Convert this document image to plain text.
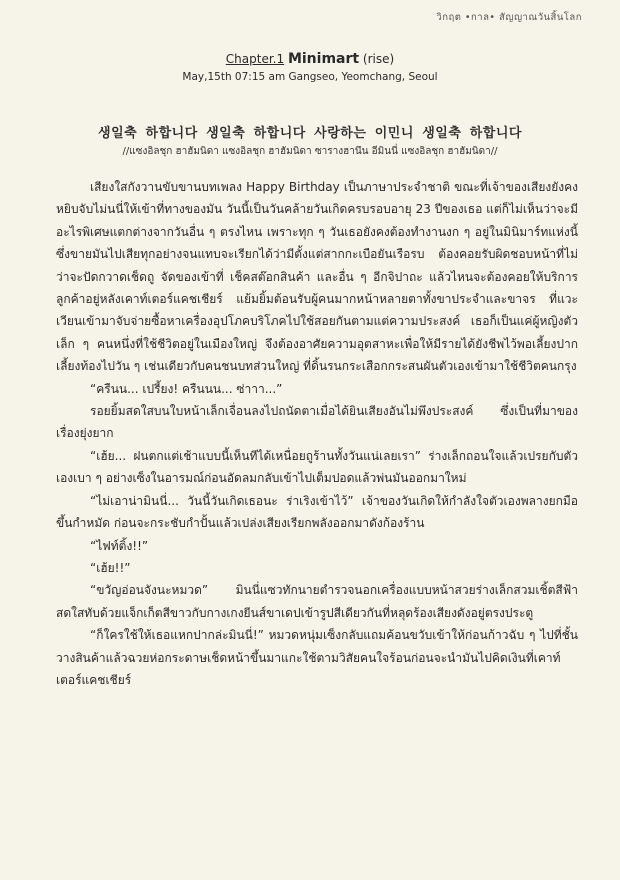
วิกฤต •กาล• สัญญาณวันสิ้นโลก
Chapter.1 Minimart (rise)
May,15th 07:15 am Gangseo, Yeomchang, Seoul
생일축 하합니다 생일축 하합니다 사랑하는 이민니 생일축 하합니다
//แซงอิลชุก ฮาฮัมนิดา แซงอิลชุก ฮาฮัมนิดา ซารางฮานึน อีมินนี่ แซงอิลชุก ฮาฮัมนิดา//

เสียงใสกังวานขับขานบทเพลง Happy Birthday เป็นภาษาประจำชาติ ขณะที่เจ้าของเสียงยังคงหยิบจับไม่นนี่ให้เข้าที่ทางของมัน วันนี้เป็นวันคล้ายวันเกิดครบรอบอายุ 23 ปีของเธอ แต่ก็ไม่เห็นว่าจะมีอะไรพิเศษแตกต่างจากวันอื่น ๆ ตรงไหน เพราะทุก ๆ วันเธอยังคงต้องทำงานงก ๆ อยู่ในมินิมาร์ทแห่งนี้ซึ่งขายมันไปเสียทุกอย่างจนแทบจะเรียกได้ว่ามีตั้งแต่สากกะเบือยันเรือรบ ต้องคอยรับผิดชอบหน้าที่ไม่ว่าจะปัดกวาดเช็ดถู จัดของเข้าที่ เช็คสต๊อกสินค้า และอื่น ๆ อีกจิปาถะ แล้วไหนจะต้องคอยให้บริการลูกค้าอยู่หลังเคาท์เตอร์แคชเชียร์ แย้มยิ้มต้อนรับผู้คนมากหน้าหลายตาทั้งขาประจำและขาจร ที่แวะเวียนเข้ามาจับจ่ายซื้อหาเครื่องอุปโภคบริโภคไปใช้สอยกันตามแต่ความประสงค์ เธอก็เป็นแค่ผู้หญิงตัวเล็ก ๆ คนหนึ่งที่ใช้ชีวิตอยู่ในเมืองใหญ่ จึงต้องอาศัยความอุตสาหะเพื่อให้มีรายได้ยังชีพไว้พอเลี้ยงปากเลี้ยงท้องไปวัน ๆ เช่นเดียวกับคนชนบทส่วนใหญ่ ที่ดิ้นรนกระเสือกกระสนผันตัวเองเข้ามาใช้ชีวิตคนกรุง

“ครืนน... เปรี้ยง! ครืนนน... ซ่าาา...”

รอยยิ้มสดใสบนใบหน้าเล็กเจื่อนลงไปถนัดตาเมื่อได้ยินเสียงอันไม่พึงประสงค์ ซึ่งเป็นที่มาของเรื่องยุ่งยาก

“เฮ้ย... ฝนตกแต่เช้าแบบนี้เห็นทีได้เหนื่อยถูร้านทั้งวันแน่เลยเรา” ร่างเล็กถอนใจแล้วเปรยกับตัวเองเบา ๆ อย่างเซ็งในอารมณ์ก่อนอัดลมกลับเข้าไปเต็มปอดแล้วพ่นมันออกมาใหม่

“ไม่เอาน่ามินนี่... วันนี้วันเกิดเธอนะ ร่าเริงเข้าไว้” เจ้าของวันเกิดให้กำลังใจตัวเองพลางยกมือขึ้นกำหมัด ก่อนจะกระชับกำปั้นแล้วเปล่งเสียงเรียกพลังออกมาดังก้องร้าน

“ไฟท์ติ้ง!!”

“เฮ้ย!!”

“ขวัญอ่อนจังนะหมวด” มินนี่แซวทักนายตำรวจนอกเครื่องแบบหน้าสวยร่างเล็กสวมเชิ้ตสีฟ้าสดใสทับด้วยแจ็กเก็ตสีขาวกับกางเกงยีนส์ขาเดปเข้ารูปสีเดียวกันที่หลุดร้องเสียงดังอยู่ตรงประตู

“ก็ใครใช้ให้เธอแหกปากล่ะมินนี่!” หมวดหนุ่มเซ็งกลับแถมค้อนขวับเข้าให้ก่อนก้าวฉับ ๆ ไปที่ชั้นวางสินค้าแล้วฉวยห่อกระดาษเช็ดหน้าขึ้นมาแกะใช้ตามวิสัยคนใจร้อนก่อนจะนำมันไปคิดเงินที่เคาท์เตอร์แคชเชียร์
